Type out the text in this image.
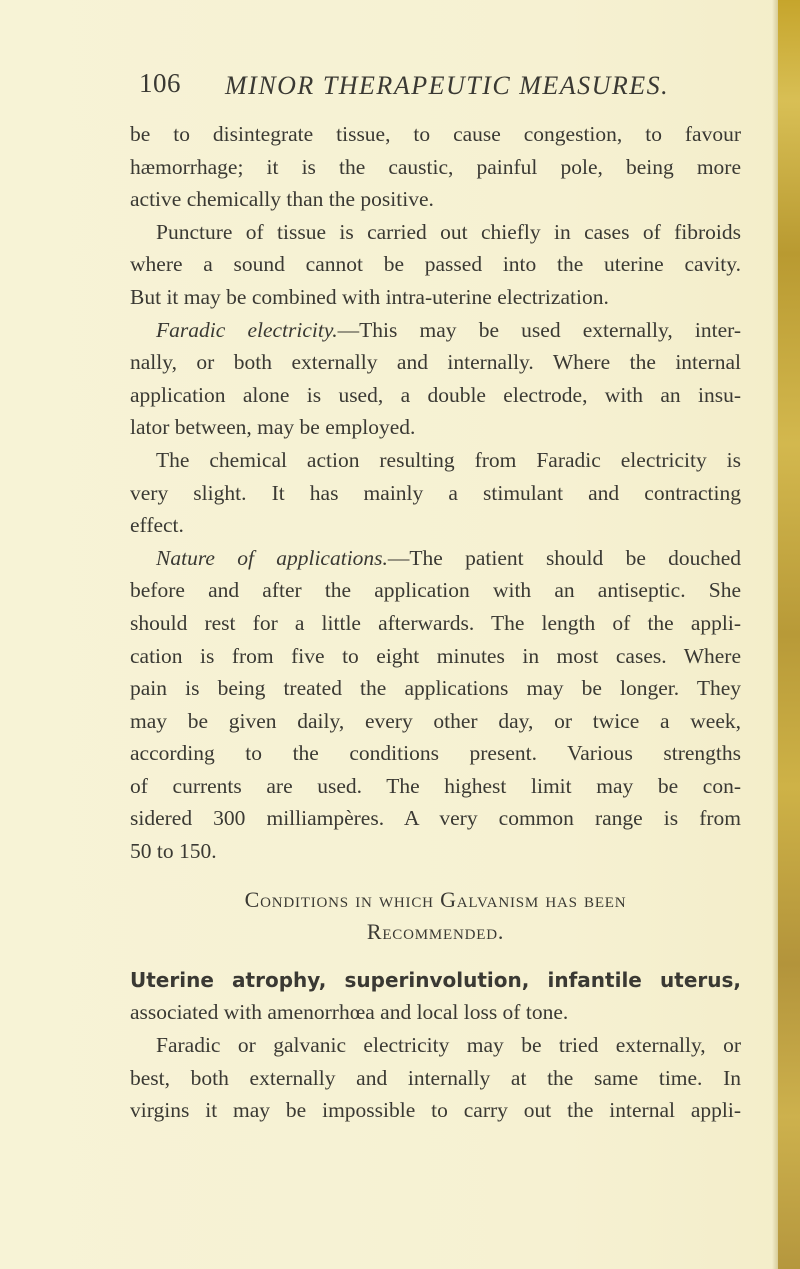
106 MINOR THERAPEUTIC MEASURES.
be to disintegrate tissue, to cause congestion, to favour
hæmorrhage; it is the caustic, painful pole, being more
active chemically than the positive.
Puncture of tissue is carried out chiefly in cases of fibroids
where a sound cannot be passed into the uterine cavity.
But it may be combined with intra-uterine electrization.
Faradic electricity.—This may be used externally, inter-
nally, or both externally and internally. Where the internal
application alone is used, a double electrode, with an insu-
lator between, may be employed.
The chemical action resulting from Faradic electricity is
very slight. It has mainly a stimulant and contracting
effect.
Nature of applications.—The patient should be douched
before and after the application with an antiseptic. She
should rest for a little afterwards. The length of the appli-
cation is from five to eight minutes in most cases. Where
pain is being treated the applications may be longer. They
may be given daily, every other day, or twice a week,
according to the conditions present. Various strengths
of currents are used. The highest limit may be con-
sidered 300 milliampères. A very common range is from
50 to 150.
Conditions in which Galvanism has been
Recommended.
Uterine atrophy, superinvolution, infantile uterus,
associated with amenorrhœa and local loss of tone.
Faradic or galvanic electricity may be tried externally, or
best, both externally and internally at the same time. In
virgins it may be impossible to carry out the internal appli-
